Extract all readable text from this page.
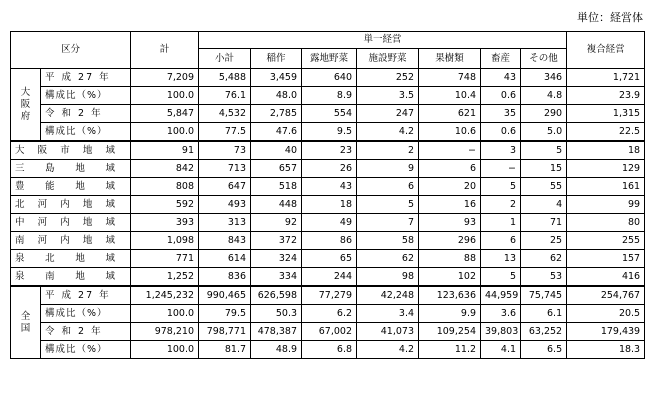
単位：経営体
区分		計	単一経営							複合経営
			小計	稲作	露地野菜	施設野菜	果樹類	畜産	その他	

大
阪
府	平 成 27 年	7,209	5,488	3,459	640	252	748	43	346	1,721
	構成比（%）	100.0	76.1	48.0	8.9	3.5	10.4	0.6	4.8	23.9
	令 和 2 年	5,847	4,532	2,785	554	247	621	35	290	1,315
	構成比（%）	100.0	77.5	47.6	9.5	4.2	10.6	0.6	5.0	22.5

大 阪 市 地 域		91	73	40	23	2	−	3	5	18

三 島 地 域		842	713	657	26	9	6	−	15	129

豊 能 地 域		808	647	518	43	6	20	5	55	161

北 河 内 地 域		592	493	448	18	5	16	2	4	99

中 河 内 地 域		393	313	92	49	7	93	1	71	80

南 河 内 地 域		1,098	843	372	86	58	296	6	25	255

泉 北 地 域		771	614	324	65	62	88	13	62	157

泉 南 地 域		1,252	836	334	244	98	102	5	53	416

全
国	平 成 27 年	1,245,232	990,465	626,598	77,279	42,248	123,636	44,959	75,745	254,767
	構成比（%）	100.0	79.5	50.3	6.2	3.4	9.9	3.6	6.1	20.5
	令 和 2 年	978,210	798,771	478,387	67,002	41,073	109,254	39,803	63,252	179,439
	構成比（%）	100.0	81.7	48.9	6.8	4.2	11.2	4.1	6.5	18.3
